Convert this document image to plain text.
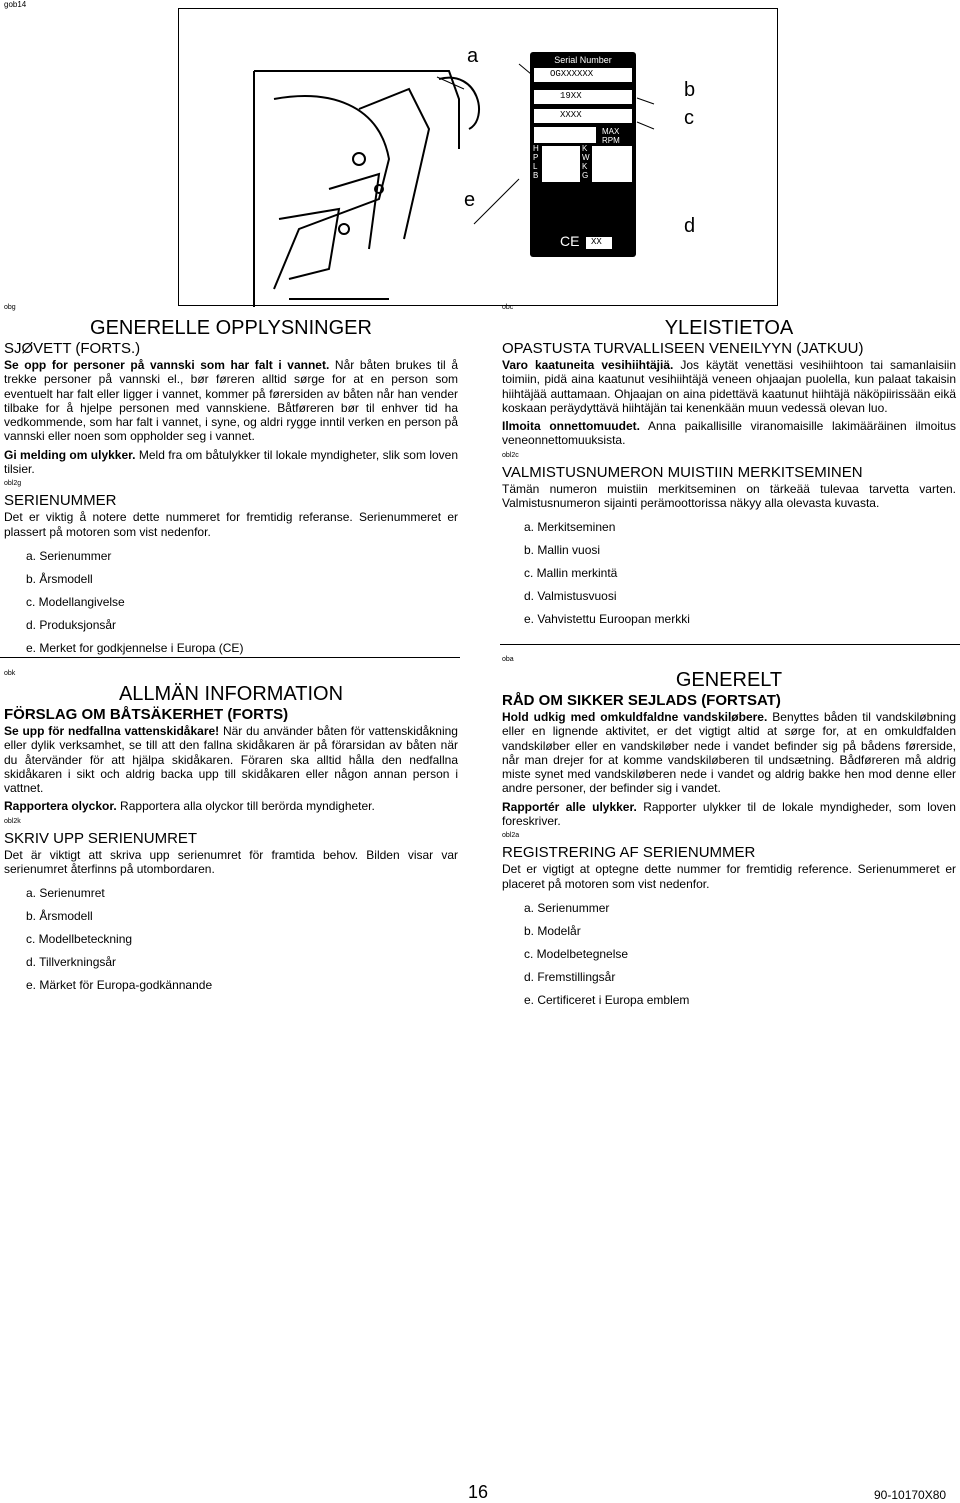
gob14
a
b
c
d
e
Serial Number
OGXXXXXX
19XX
XXXX
MAX
RPM
H
P
L
B
K
W
K
G
CE XX

obg

GENERELLE OPPLYSNINGER
SJØVETT (FORTS.)

Se opp for personer på vannski som har falt i vannet. Når båten brukes til å trekke personer på vannski el., bør føreren alltid sørge for at en person som eventuelt har falt eller ligger i vannet, kommer på førersiden av båten når han vender tilbake for å hjelpe personen med vannskiene. Båtføreren bør til enhver tid ha vedkommende, som har falt i vannet, i syne, og aldri rygge inntil verken en person på vannski eller noen som oppholder seg i vannet.

Gi melding om ulykker. Meld fra om båtulykker til lokale myndigheter, slik som loven tilsier.

obl2g

SERIENUMMER

Det er viktig å notere dette nummeret for fremtidig referanse. Serienummeret er plassert på motoren som vist nedenfor.

a. Serienummer
b. Årsmodell
c. Modellangivelse
d. Produksjonsår
e. Merket for godkjennelse i Europa (CE)

obk

ALLMÄN INFORMATION
FÖRSLAG OM BÅTSÄKERHET (FORTS)

Se upp för nedfallna vattenskidåkare! När du använder båten för vattenskidåkning eller dylik verksamhet, se till att den fallna skidåkaren är på förarsidan av båten när du återvänder för att hjälpa skidåkaren. Föraren ska alltid hålla den nedfallna skidåkaren i sikt och aldrig backa upp till skidåkaren eller någon annan person i vattnet.

Rapportera olyckor. Rapportera alla olyckor till berörda myndigheter.

obl2k

SKRIV UPP SERIENUMRET

Det är viktigt att skriva upp serienumret för framtida behov. Bilden visar var serienumret återfinns på utombordaren.

a. Serienumret
b. Årsmodell
c. Modellbeteckning
d. Tillverkningsår
e. Märket för Europa-godkännande

obc

YLEISTIETOA
OPASTUSTA TURVALLISEEN VENEILYYN (JATKUU)

Varo kaatuneita vesihiihtäjiä. Jos käytät venettäsi vesihiihtoon tai samanlaisiin toimiin, pidä aina kaatunut vesihiihtäjä veneen ohjaajan puolella, kun palaat takaisin hiihtäjää auttamaan. Ohjaajan on aina pidettävä kaatunut hiihtäjä näköpiirissään eikä koskaan peräydyttävä hiihtäjän tai kenenkään muun vedessä olevan luo.

Ilmoita onnettomuudet. Anna paikallisille viranomaisille lakimääräinen ilmoitus veneonnettomuuksista.

obl2c

VALMISTUSNUMERON MUISTIIN MERKITSEMINEN

Tämän numeron muistiin merkitseminen on tärkeää tulevaa tarvetta varten. Valmistusnumeron sijainti perämoottorissa näkyy alla olevasta kuvasta.

a. Merkitseminen
b. Mallin vuosi
c. Mallin merkintä
d. Valmistusvuosi
e. Vahvistettu Euroopan merkki

oba

GENERELT
RÅD OM SIKKER SEJLADS (FORTSAT)

Hold udkig med omkuldfaldne vandskiløbere. Benyttes båden til vandskiløbning eller en lignende aktivitet, er det vigtigt altid at sørge for, at en omkuldfalden vandskiløber eller en vandskiløber nede i vandet befinder sig på bådens førerside, når man drejer for at komme vandskiløberen til undsætning. Bådføreren må aldrig miste synet med vandskiløberen nede i vandet og aldrig bakke hen mod denne eller andre personer, der befinder sig i vandet.

Rapportér alle ulykker. Rapporter ulykker til de lokale myndigheder, som loven foreskriver.

obl2a

REGISTRERING AF SERIENUMMER

Det er vigtigt at optegne dette nummer for fremtidig reference. Serienummeret er placeret på motoren som vist nedenfor.

a. Serienummer
b. Modelår
c. Modelbetegnelse
d. Fremstillingsår
e. Certificeret i Europa emblem
16	90-10170X80
